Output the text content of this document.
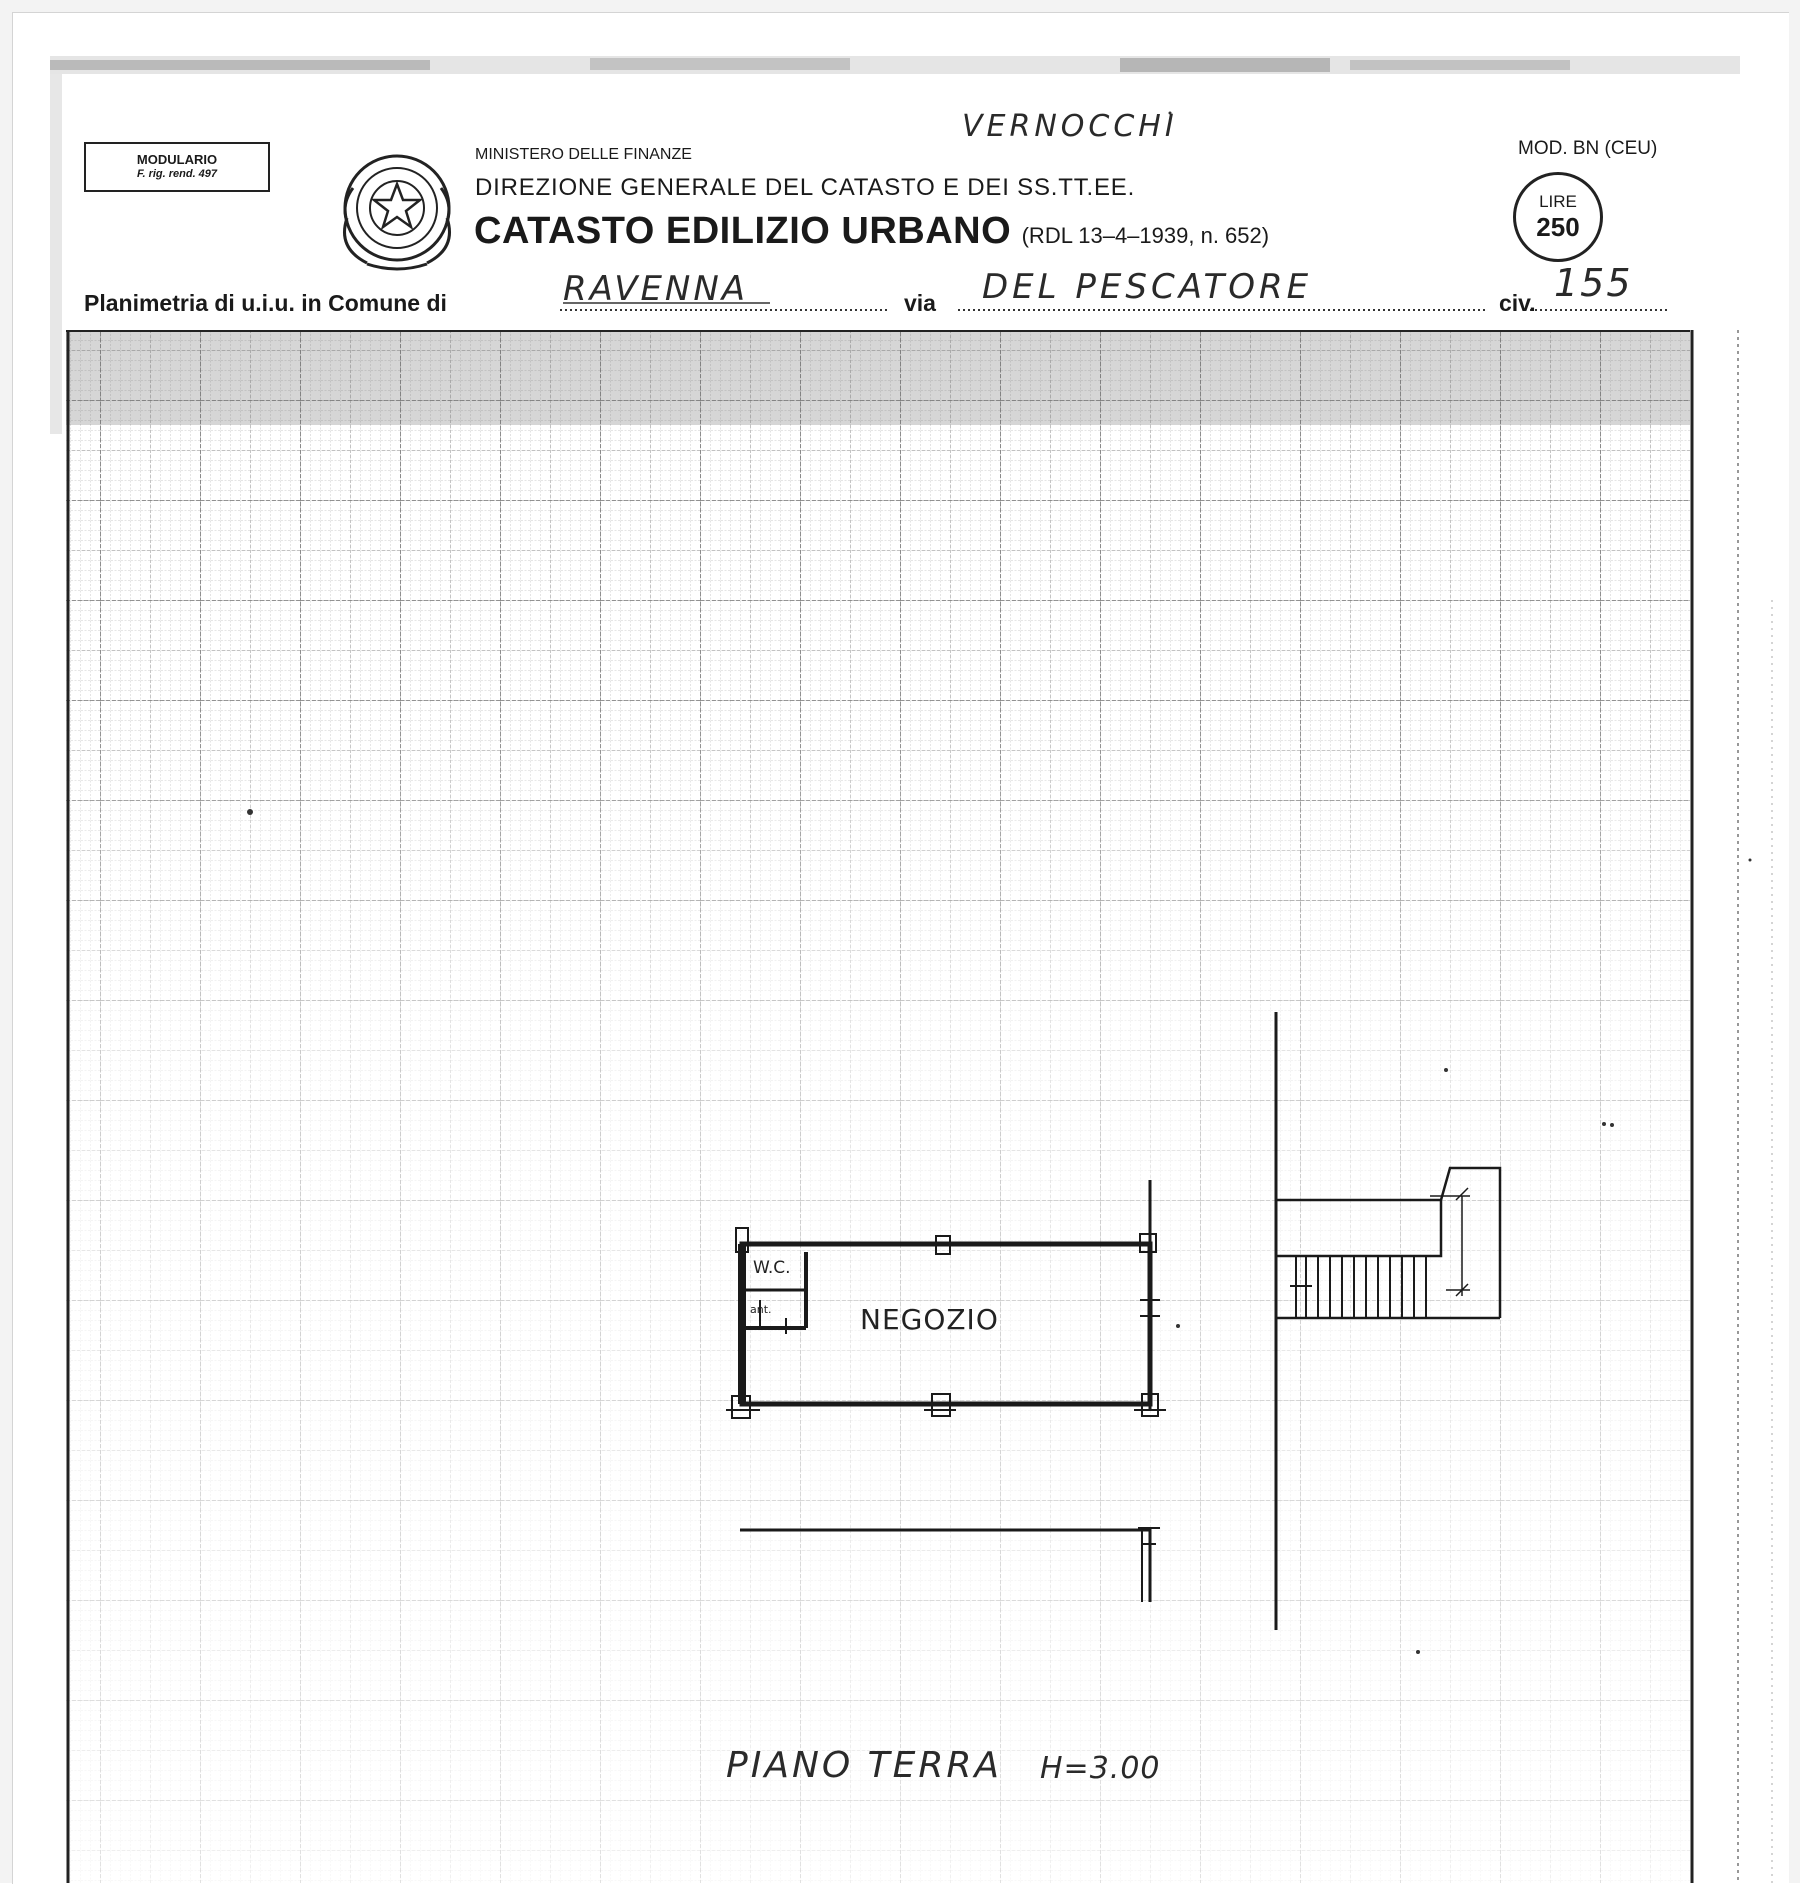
MODULARIO
F. rig. rend. 497
MINISTERO DELLE FINANZE
DIREZIONE GENERALE DEL CATASTO E DEI SS.TT.EE.
CATASTO EDILIZIO URBANO (RDL 13–4–1939, n. 652)
VERNOCCHI
MOD. BN (CEU)
LIRE
250
Planimetria di u.i.u. in Comune di	RAVENNA	via DEL PESCATORE	civ. 155
NEGOZIO
W.C.
ant.
PIANO TERRA H=3.00
